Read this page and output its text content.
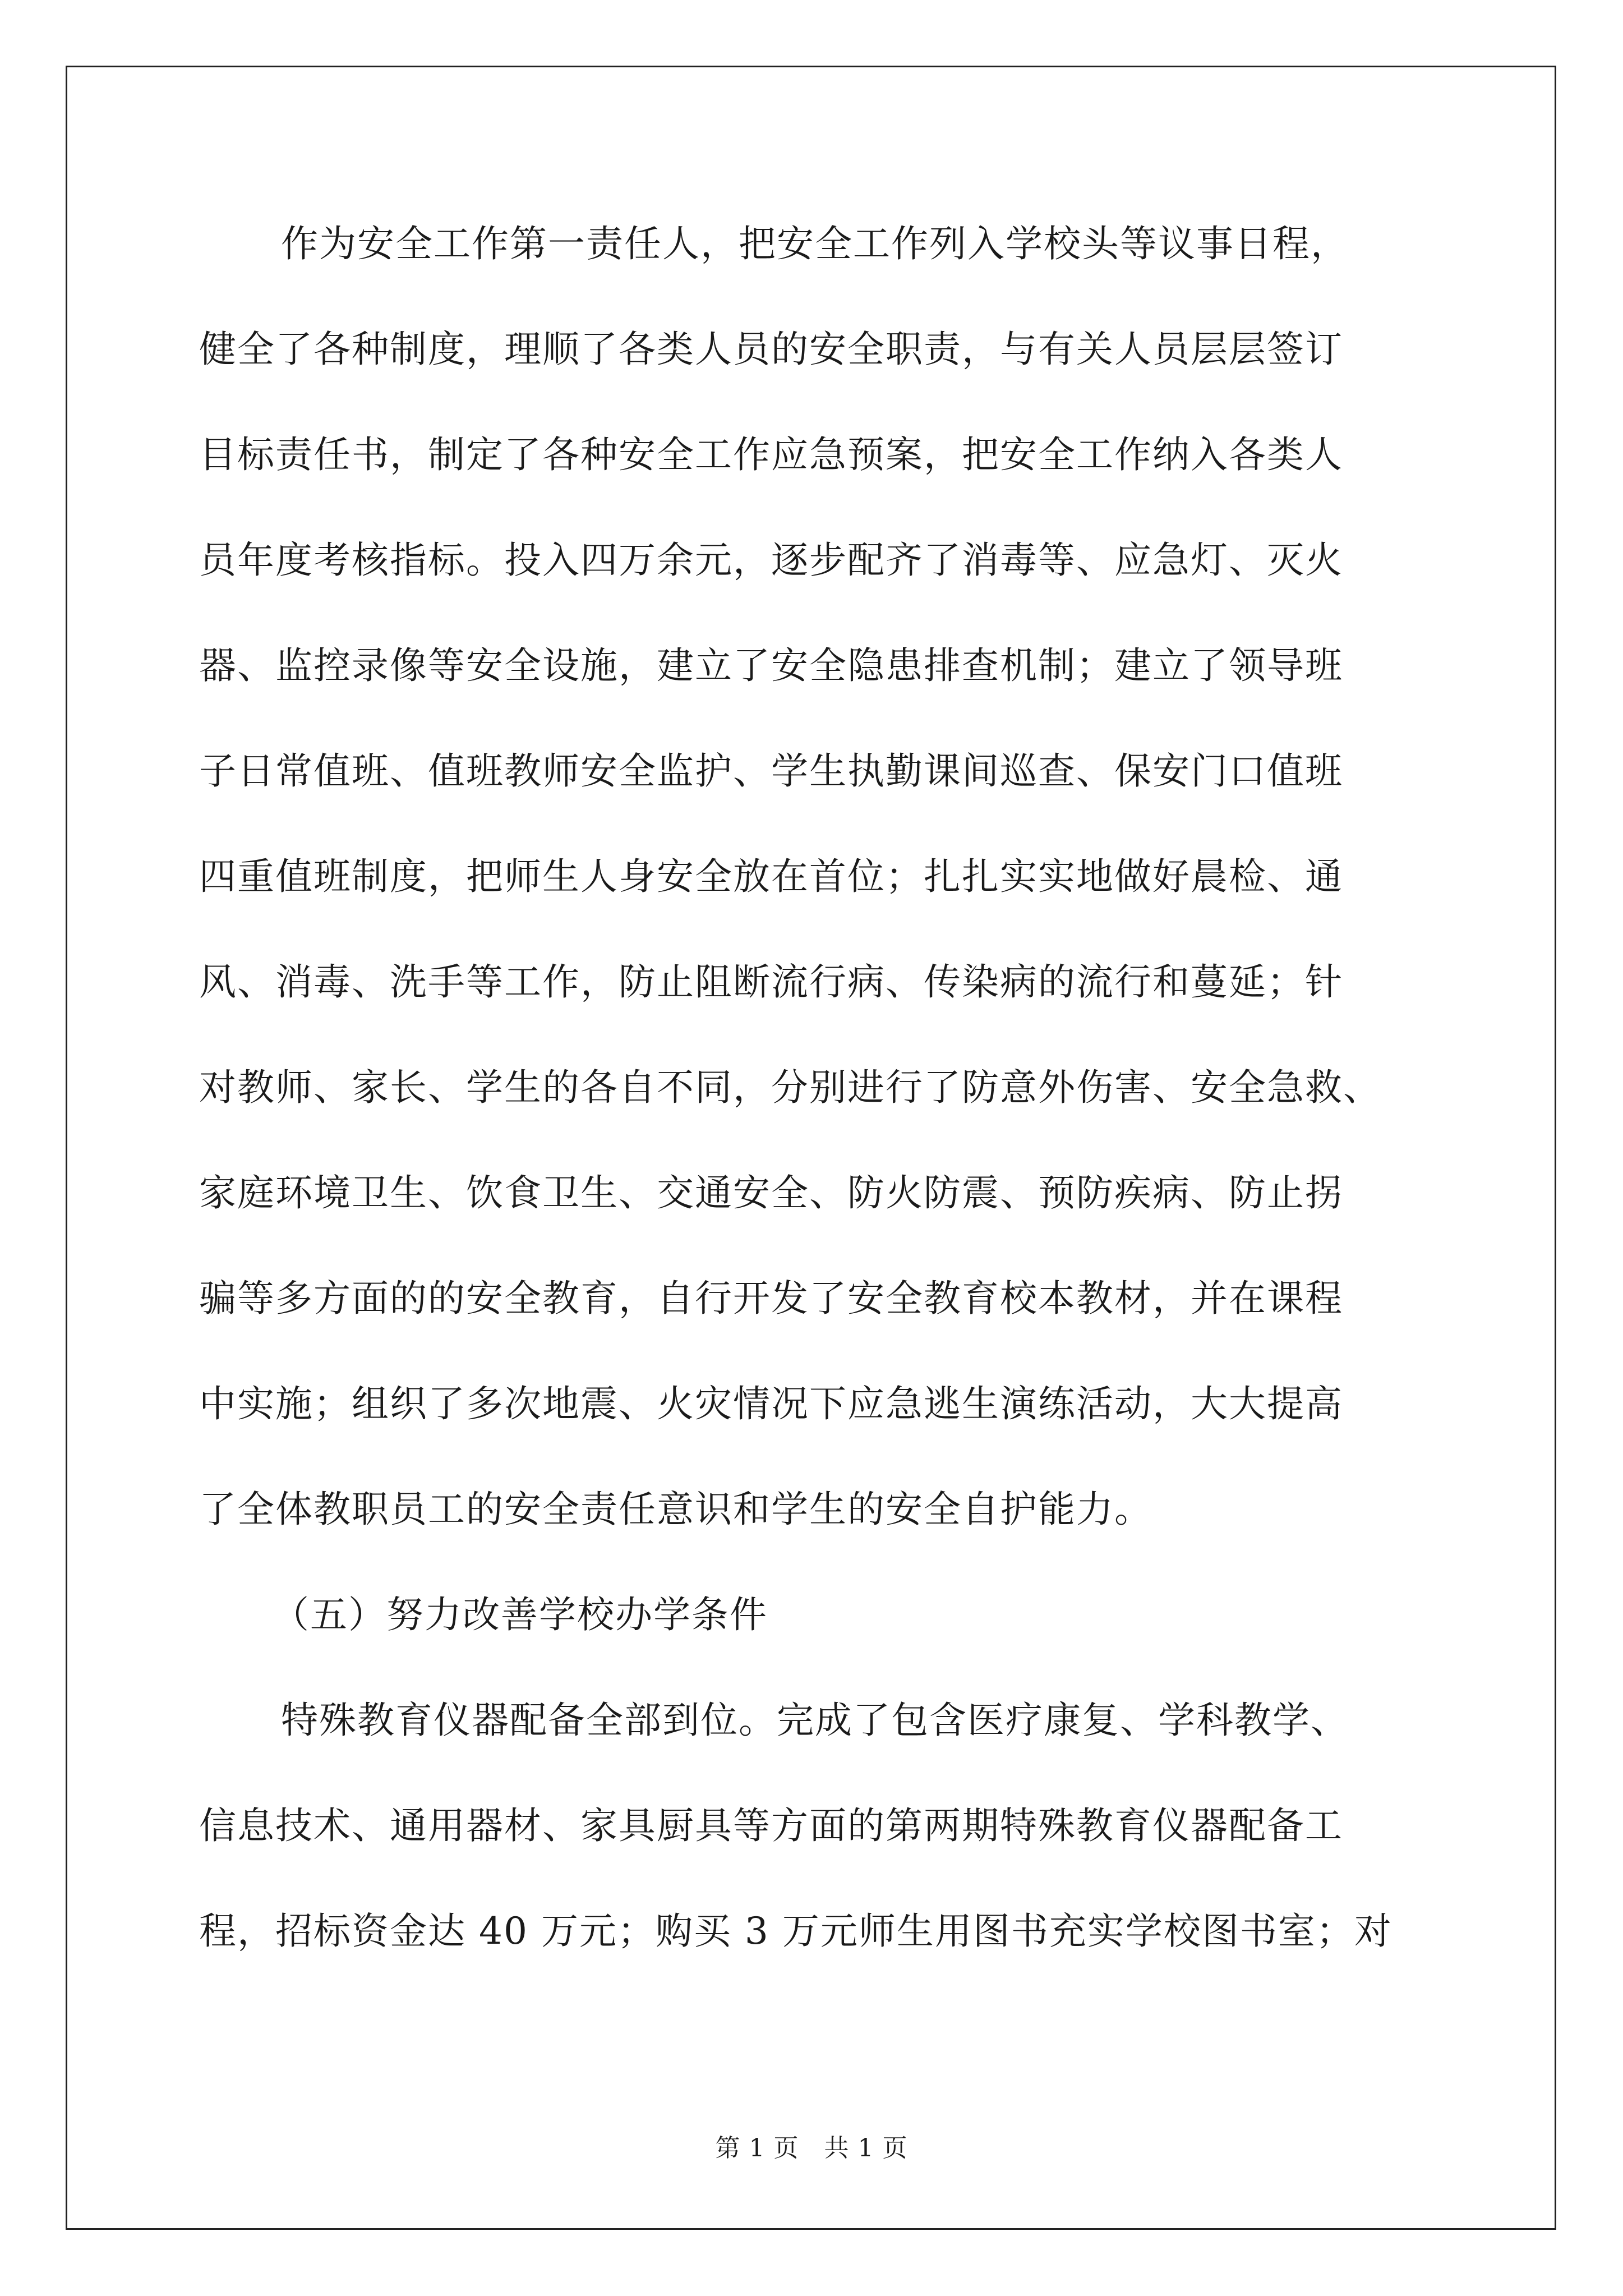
作为安全工作第一责任人，把安全工作列入学校头等议事日程，
健全了各种制度，理顺了各类人员的安全职责，与有关人员层层签订
目标责任书，制定了各种安全工作应急预案，把安全工作纳入各类人
员年度考核指标。投入四万余元，逐步配齐了消毒等、应急灯、灭火
器、监控录像等安全设施，建立了安全隐患排查机制；建立了领导班
子日常值班、值班教师安全监护、学生执勤课间巡查、保安门口值班
四重值班制度，把师生人身安全放在首位；扎扎实实地做好晨检、通
风、消毒、洗手等工作，防止阻断流行病、传染病的流行和蔓延；针
对教师、家长、学生的各自不同，分别进行了防意外伤害、安全急救、
家庭环境卫生、饮食卫生、交通安全、防火防震、预防疾病、防止拐
骗等多方面的的安全教育，自行开发了安全教育校本教材，并在课程
中实施；组织了多次地震、火灾情况下应急逃生演练活动，大大提高
了全体教职员工的安全责任意识和学生的安全自护能力。
（五）努力改善学校办学条件
特殊教育仪器配备全部到位。完成了包含医疗康复、学科教学、
信息技术、通用器材、家具厨具等方面的第两期特殊教育仪器配备工
程，招标资金达 40 万元；购买 3 万元师生用图书充实学校图书室；对
第 1 页　共 1 页
